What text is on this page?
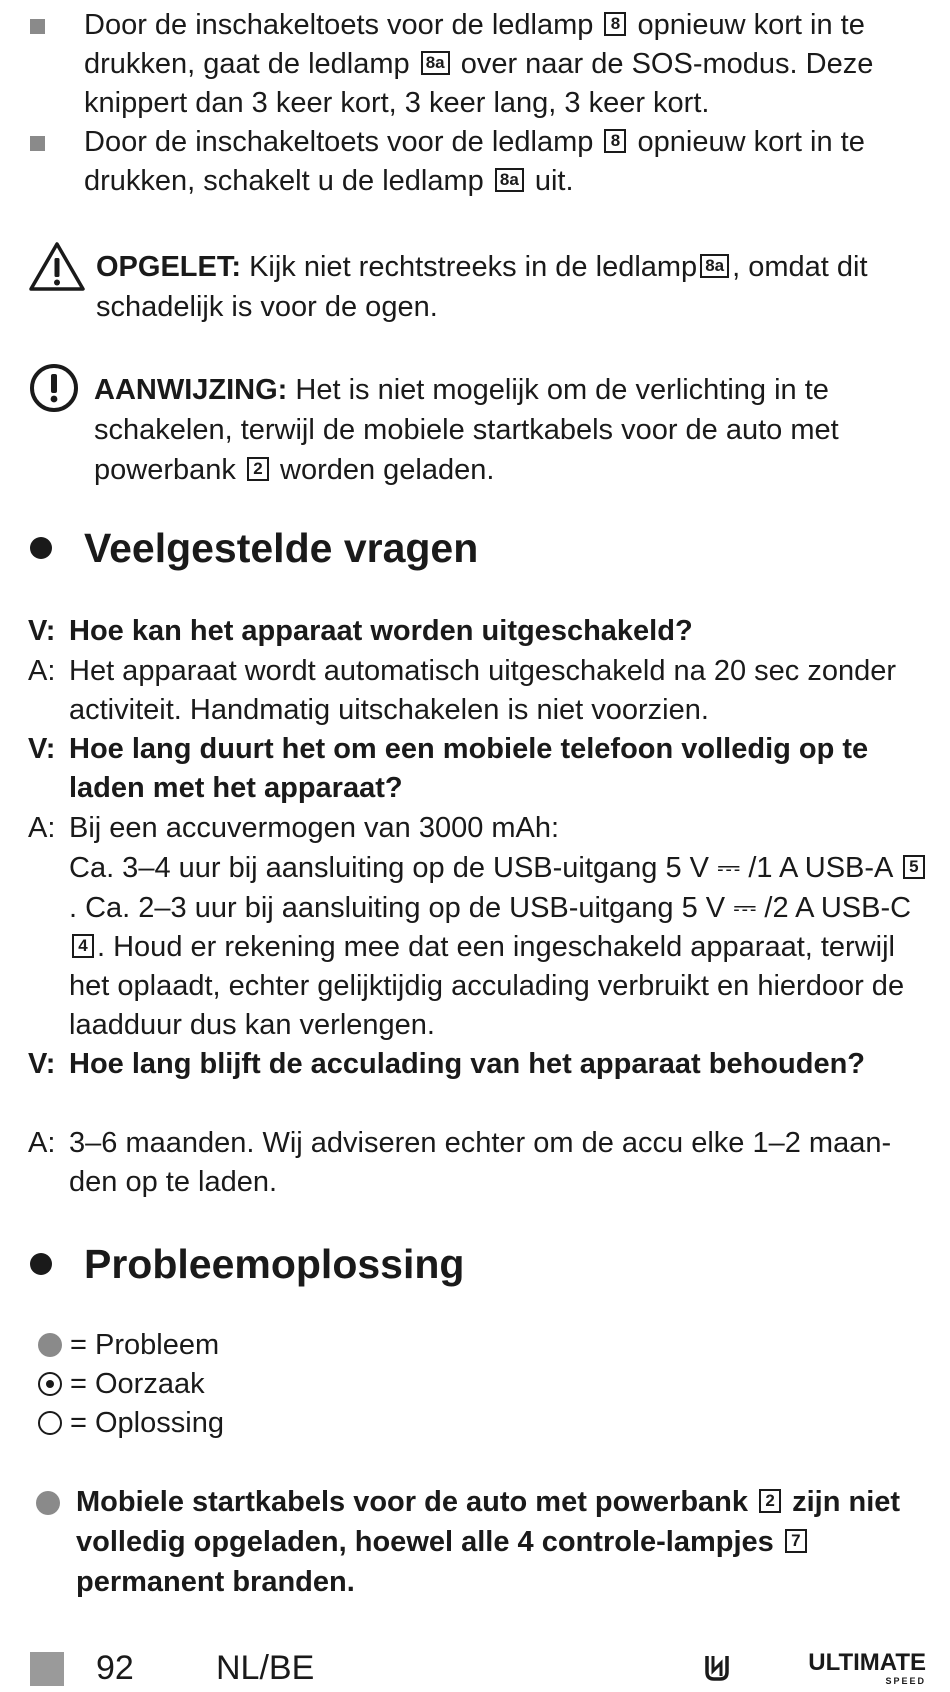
Door de inschakeltoets voor de ledlamp 8 opnieuw kort in te drukken, gaat de ledlamp 8a over naar de SOS-modus. Deze knippert dan 3 keer kort, 3 keer lang, 3 keer kort.
Door de inschakeltoets voor de ledlamp 8 opnieuw kort in te drukken, schakelt u de ledlamp 8a uit.
OPGELET: Kijk niet rechtstreeks in de ledlamp 8a , omdat dit schadelijk is voor de ogen.
AANWIJZING: Het is niet mogelijk om de verlichting in te schakelen, terwijl de mobiele startkabels voor de auto met powerbank 2 worden geladen.
Veelgestelde vragen
V: Hoe kan het apparaat worden uitgeschakeld?
A: Het apparaat wordt automatisch uitgeschakeld na 20 sec zonder activiteit. Handmatig uitschakelen is niet voorzien.
V: Hoe lang duurt het om een mobiele telefoon volledig op te laden met het apparaat?
A: Bij een accuvermogen van 3000 mAh:
Ca. 3–4 uur bij aansluiting op de USB-uitgang 5 V ⎓ /1 A USB-A 5. Ca. 2–3 uur bij aansluiting op de USB-uitgang 5 V ⎓ /2 A USB-C 4 . Houd er rekening mee dat een ingeschakeld apparaat, terwijl het oplaadt, echter gelijktijdig acculading verbruikt en hierdoor de laadduur dus kan verlengen.
V: Hoe lang blijft de acculading van het apparaat behouden?
A: 3–6 maanden. Wij adviseren echter om de accu elke 1–2 maan-den op te laden.
Probleemoplossing
= Probleem
= Oorzaak
= Oplossing
Mobiele startkabels voor de auto met powerbank 2 zijn niet volledig opgeladen, hoewel alle 4 controle-lampjes 7 permanent branden.
92 NL/BE	ULTIMATE
SPEED
